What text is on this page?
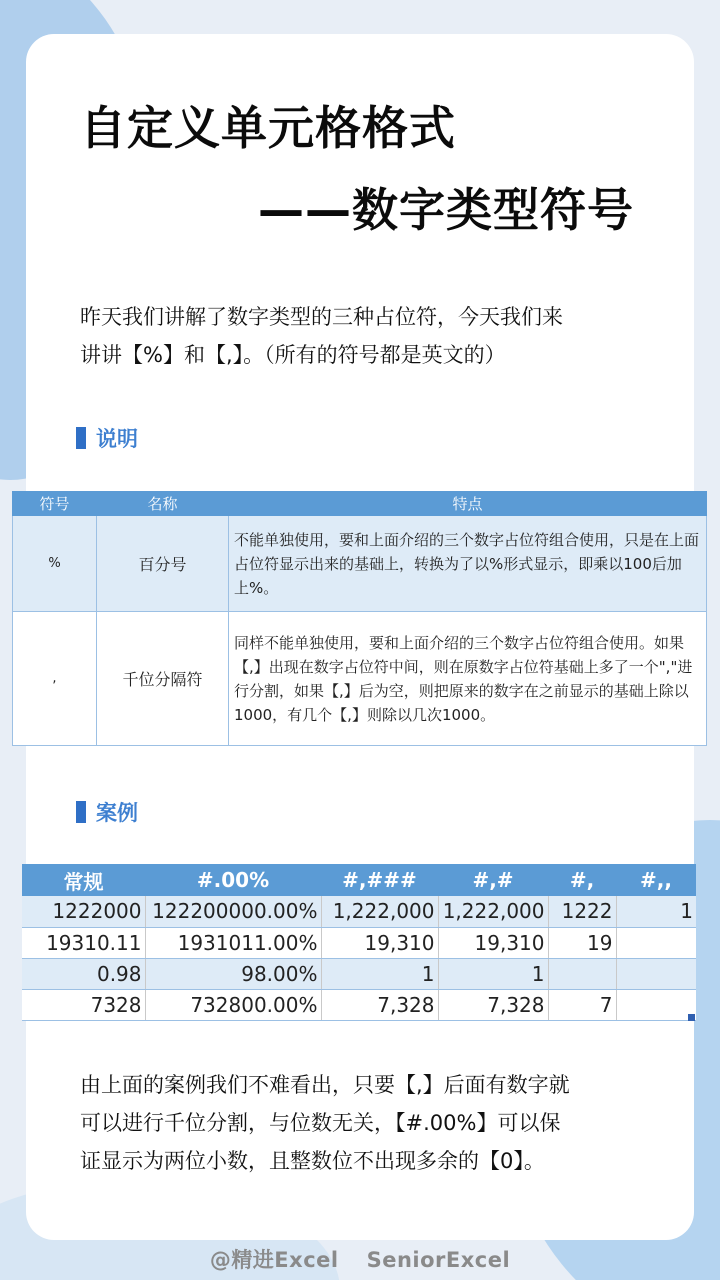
自定义单元格格式
——数字类型符号
昨天我们讲解了数字类型的三种占位符，今天我们来
讲讲【%】和【,】。（所有的符号都是英文的）
说明
符号	名称	特点
%	百分号	不能单独使用，要和上面介绍的三个数字占位符组合使用，只是在上面占位符显示出来的基础上，转换为了以%形式显示，即乘以100后加上%。
,	千位分隔符	同样不能单独使用，要和上面介绍的三个数字占位符组合使用。如果【,】出现在数字占位符中间，则在原数字占位符基础上多了一个","进行分割，如果【,】后为空，则把原来的数字在之前显示的基础上除以1000，有几个【,】则除以几次1000。
案例
常规	#.00%	#,###	#,#	#,	#,,
1222000	122200000.00%	1,222,000	1,222,000	1222	1
19310.11	1931011.00%	19,310	19,310	19	
0.98	98.00%	1	1		
7328	732800.00%	7,328	7,328	7	
由上面的案例我们不难看出，只要【,】后面有数字就
可以进行千位分割，与位数无关，【#.00%】可以保
证显示为两位小数，且整数位不出现多余的【0】。
@精进Excel SeniorExcel
